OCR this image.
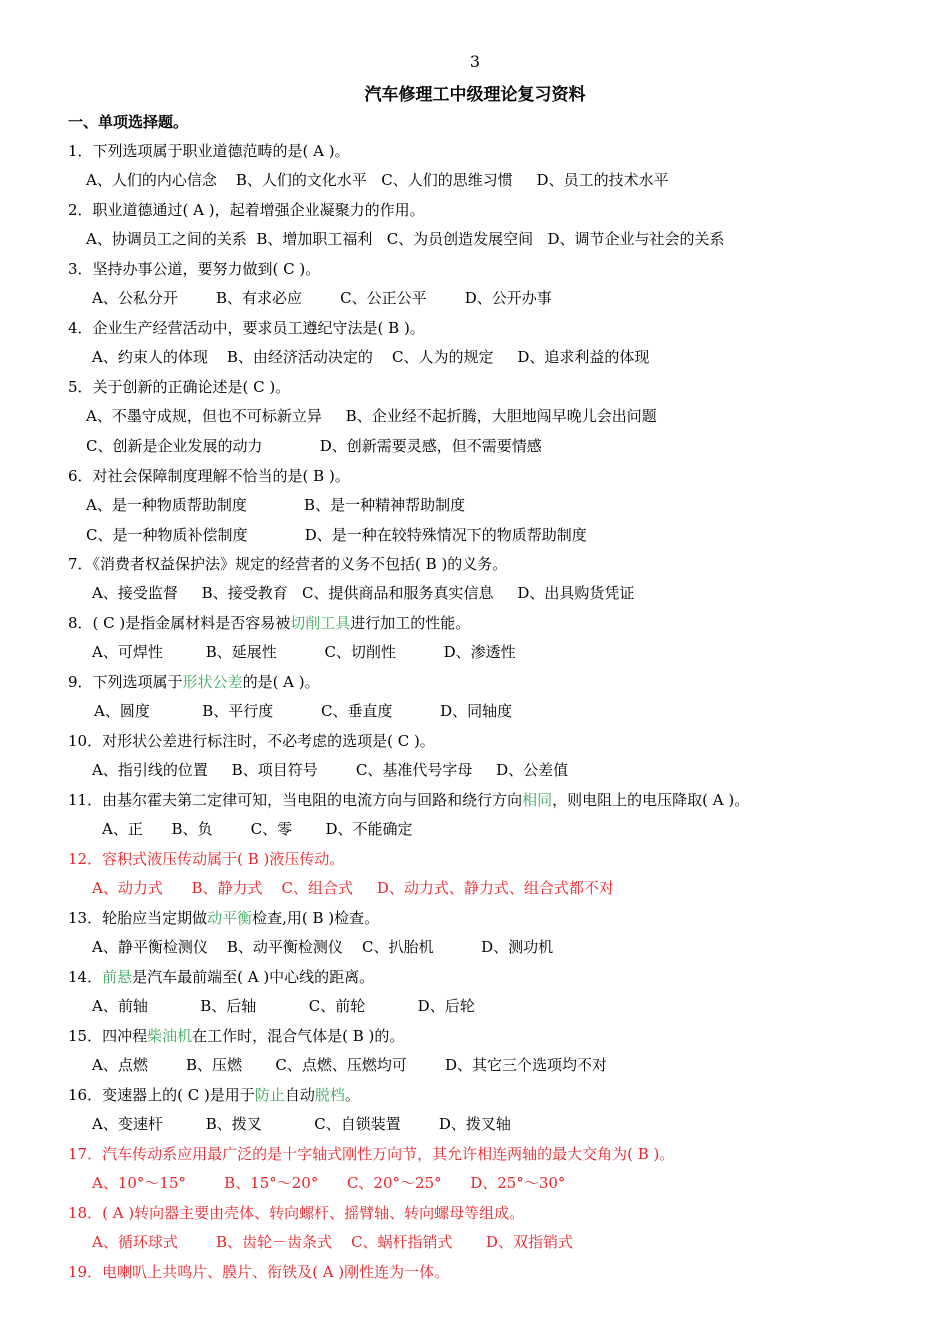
3
汽车修理工中级理论复习资料
一、单项选择题。
1．下列选项属于职业道德范畴的是( A )。
A、人们的内心信念    B、人们的文化水平   C、人们的思维习惯     D、员工的技术水平
2．职业道德通过( A )，起着增强企业凝聚力的作用。
A、协调员工之间的关系  B、增加职工福利   C、为员创造发展空间   D、调节企业与社会的关系
3．坚持办事公道，要努力做到( C )。
A、公私分开        B、有求必应        C、公正公平        D、公开办事
4．企业生产经营活动中，要求员工遵纪守法是( B )。
A、约束人的体现    B、由经济活动决定的    C、人为的规定     D、追求利益的体现
5．关于创新的正确论述是( C )。
A、不墨守成规，但也不可标新立异     B、企业经不起折腾，大胆地闯早晚儿会出问题
C、创新是企业发展的动力            D、创新需要灵感，但不需要情感
6．对社会保障制度理解不恰当的是( B )。
A、是一种物质帮助制度            B、是一种精神帮助制度
C、是一种物质补偿制度            D、是一种在较特殊情况下的物质帮助制度
7．《消费者权益保护法》规定的经营者的义务不包括( B )的义务。
A、接受监督     B、接受教育   C、提供商品和服务真实信息     D、出具购货凭证
8．( C )是指金属材料是否容易被切削工具进行加工的性能。
A、可焊性         B、延展性          C、切削性          D、渗透性
9．下列选项属于形状公差的是( A )。
A、圆度           B、平行度          C、垂直度          D、同轴度
10．对形状公差进行标注时，不必考虑的选项是( C )。
A、指引线的位置     B、项目符号        C、基准代号字母     D、公差值
11．由基尔霍夫第二定律可知，当电阻的电流方向与回路和绕行方向相同，则电阻上的电压降取( A )。
A、正      B、负        C、零       D、不能确定
12．容积式液压传动属于( B )液压传动。
A、动力式      B、静力式    C、组合式     D、动力式、静力式、组合式都不对
13．轮胎应当定期做动平衡检查,用( B )检查。
A、静平衡检测仪    B、动平衡检测仪    C、扒胎机          D、测功机
14．前悬是汽车最前端至( A )中心线的距离。
A、前轴           B、后轴           C、前轮           D、后轮
15．四冲程柴油机在工作时，混合气体是( B )的。
A、点燃        B、压燃       C、点燃、压燃均可        D、其它三个选项均不对
16．变速器上的( C )是用于防止自动脱档。
A、变速杆         B、拨叉           C、自锁装置        D、拨叉轴
17．汽车传动系应用最广泛的是十字轴式刚性万向节，其允许相连两轴的最大交角为( B )。
A、10°～15°        B、15°～20°      C、20°～25°      D、25°～30°
18．( A )转向器主要由壳体、转向螺杆、摇臂轴、转向螺母等组成。
A、循环球式        B、齿轮－齿条式    C、蜗杆指销式       D、双指销式
19．电喇叭上共鸣片、膜片、衔铁及( A )刚性连为一体。
